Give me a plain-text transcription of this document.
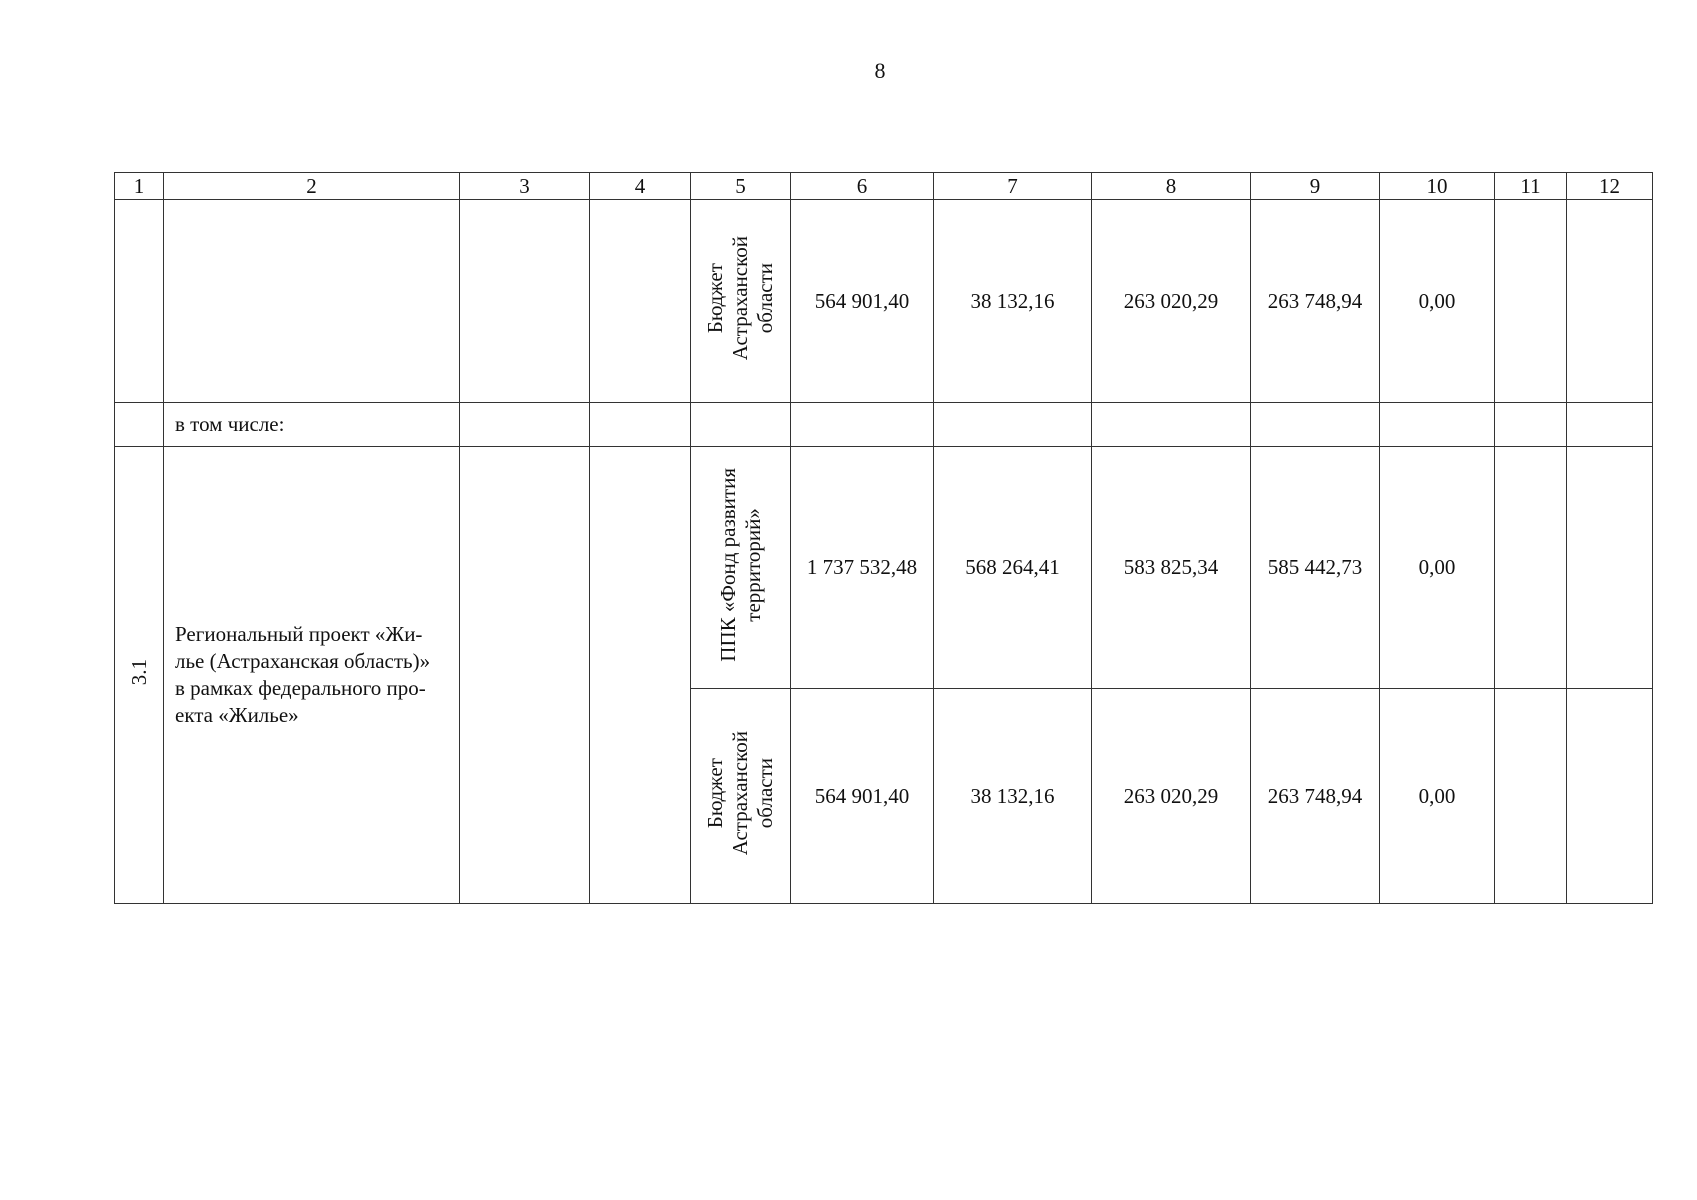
8
1	2	3	4	5	6	7	8	9	10	11	12
				Бюджет
Астраханской
области	564 901,40	38 132,16	263 020,29	263 748,94	0,00		
	в том числе:										
3.1	Региональный проект «Жи-
лье (Астраханская область)»
в рамках федерального про-
екта «Жилье»			ППК «Фонд развития
территорий»	1 737 532,48	568 264,41	583 825,34	585 442,73	0,00		
				Бюджет
Астраханской
области	564 901,40	38 132,16	263 020,29	263 748,94	0,00		
